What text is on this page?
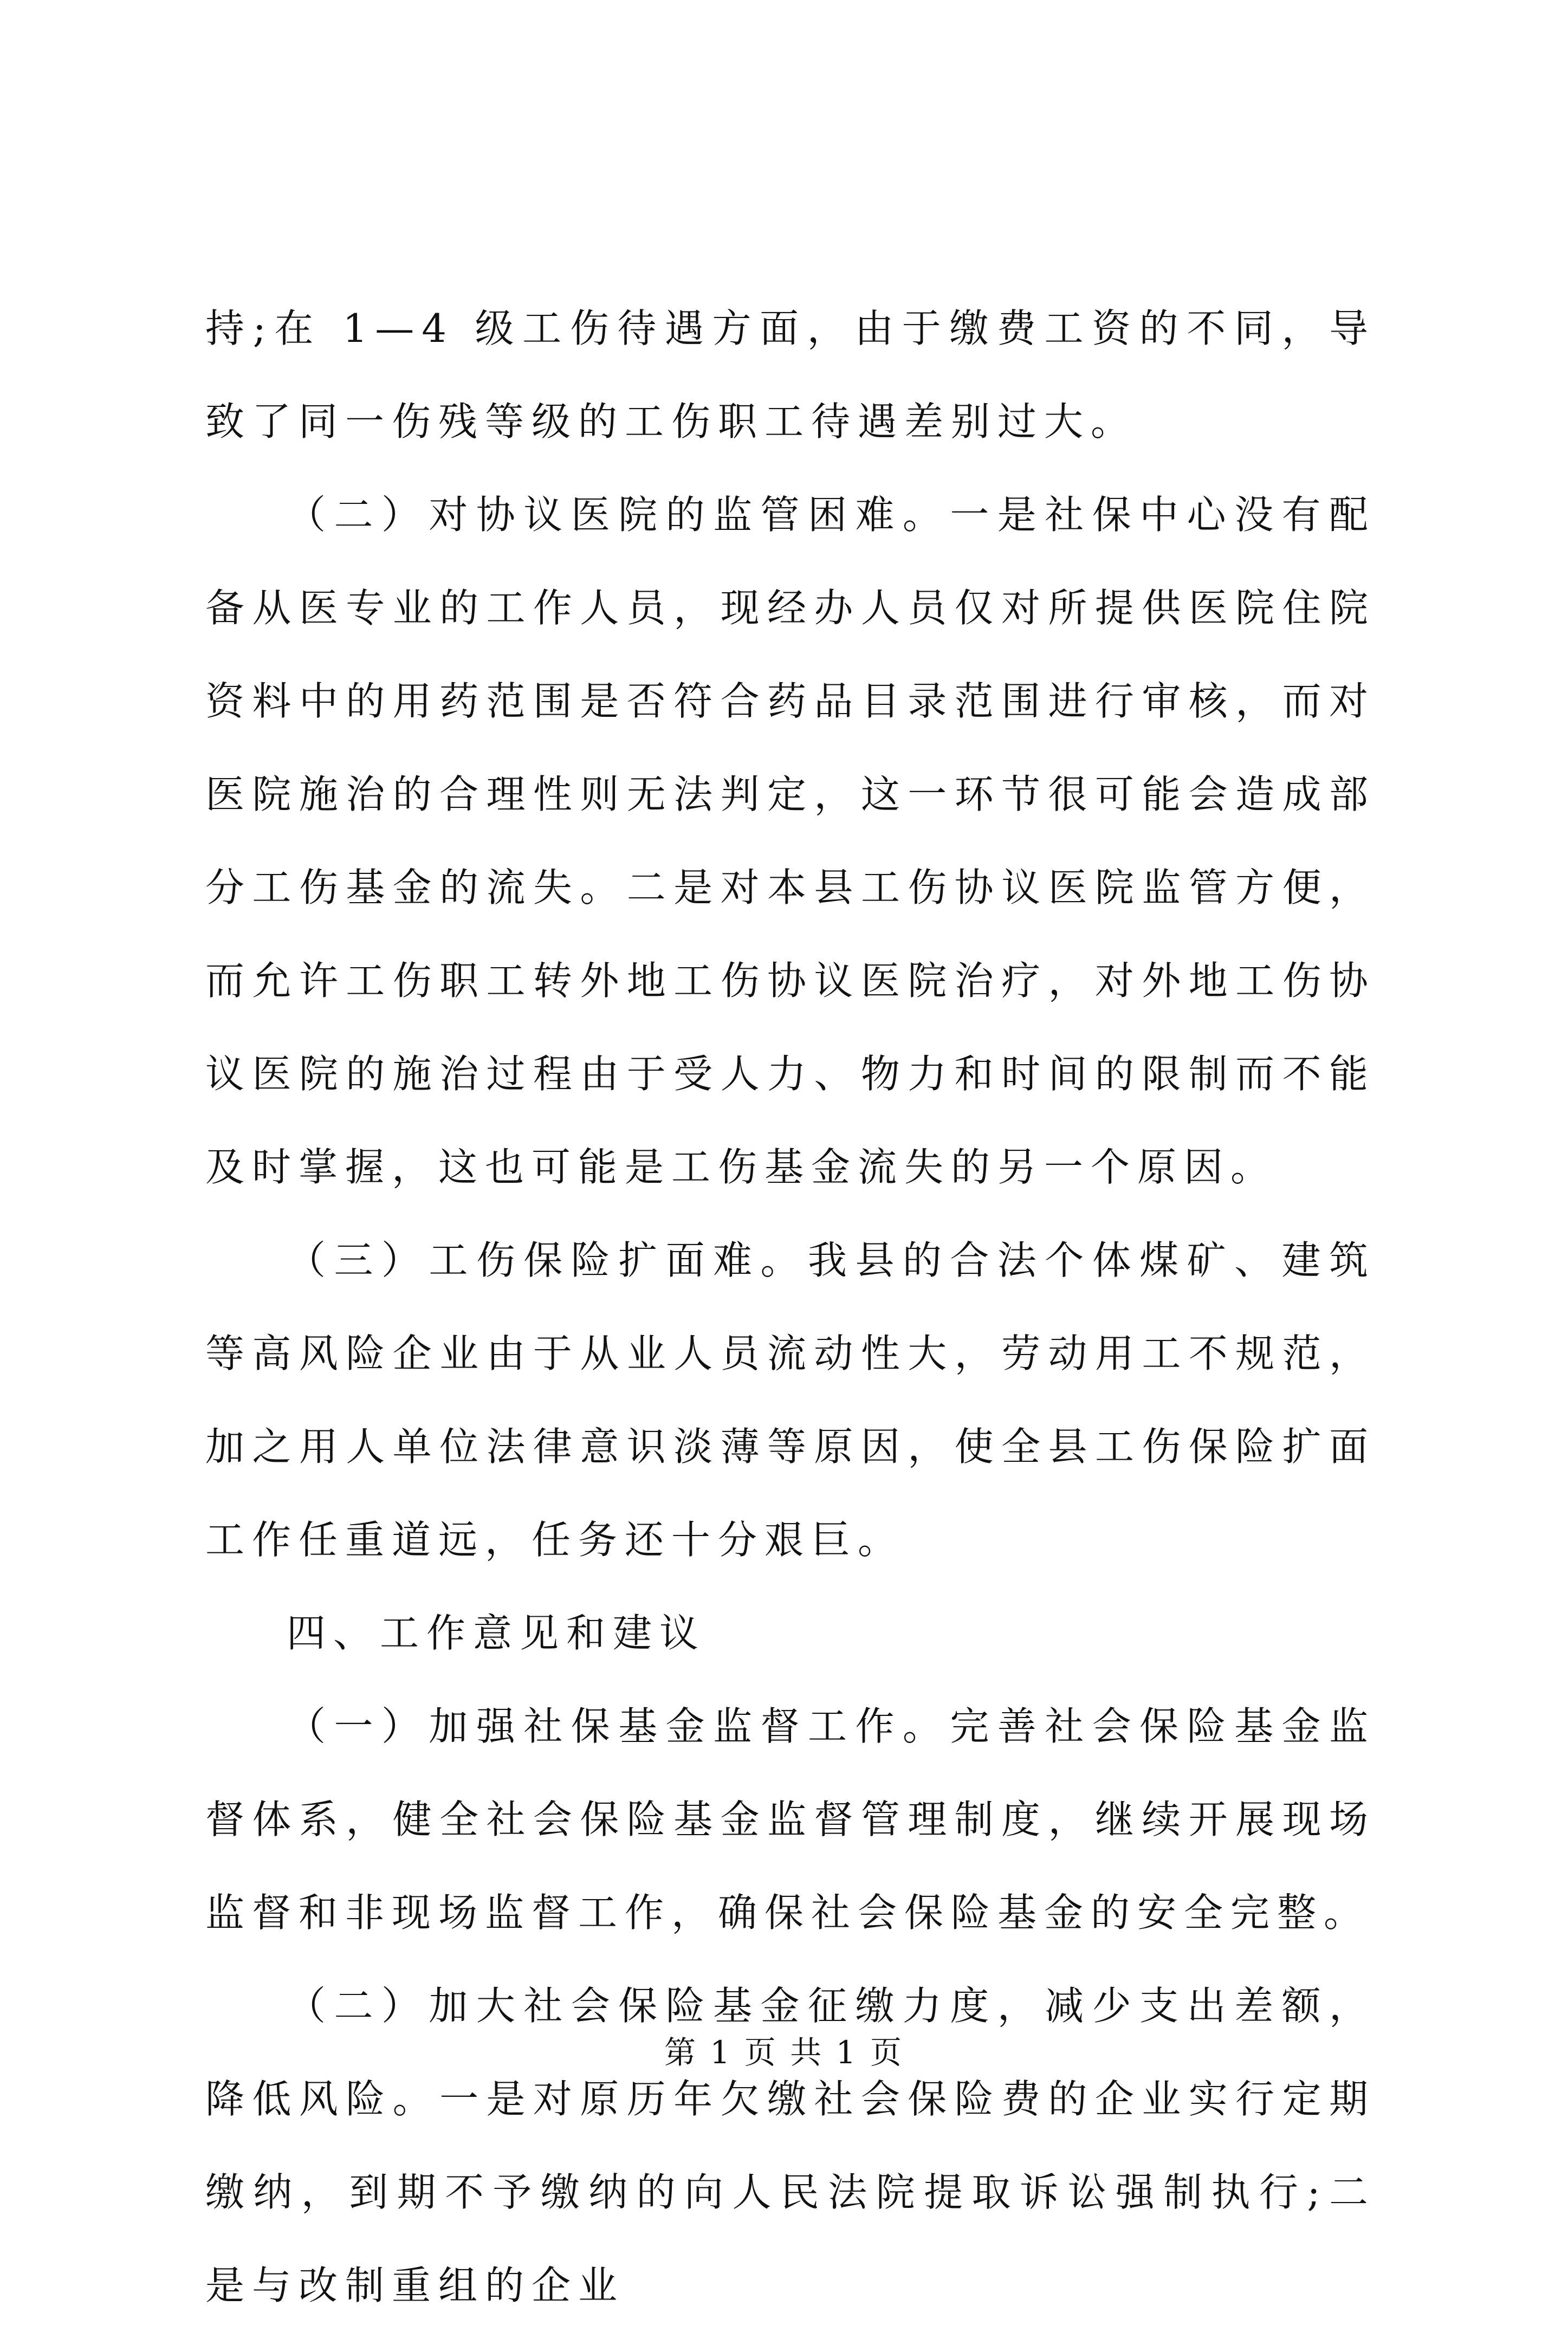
持;在 1—4 级工伤待遇方面，由于缴费工资的不同，导致了同一伤残等级的工伤职工待遇差别过大。

（二）对协议医院的监管困难。一是社保中心没有配备从医专业的工作人员，现经办人员仅对所提供医院住院资料中的用药范围是否符合药品目录范围进行审核，而对医院施治的合理性则无法判定，这一环节很可能会造成部分工伤基金的流失。二是对本县工伤协议医院监管方便，而允许工伤职工转外地工伤协议医院治疗，对外地工伤协议医院的施治过程由于受人力、物力和时间的限制而不能及时掌握，这也可能是工伤基金流失的另一个原因。

（三）工伤保险扩面难。我县的合法个体煤矿、建筑等高风险企业由于从业人员流动性大，劳动用工不规范，加之用人单位法律意识淡薄等原因，使全县工伤保险扩面工作任重道远，任务还十分艰巨。

四、工作意见和建议

（一）加强社保基金监督工作。完善社会保险基金监督体系，健全社会保险基金监督管理制度，继续开展现场监督和非现场监督工作，确保社会保险基金的安全完整。

（二）加大社会保险基金征缴力度，减少支出差额，降低风险。一是对原历年欠缴社会保险费的企业实行定期缴纳，到期不予缴纳的向人民法院提取诉讼强制执行;二是与改制重组的企业

第 1 页 共 1 页
